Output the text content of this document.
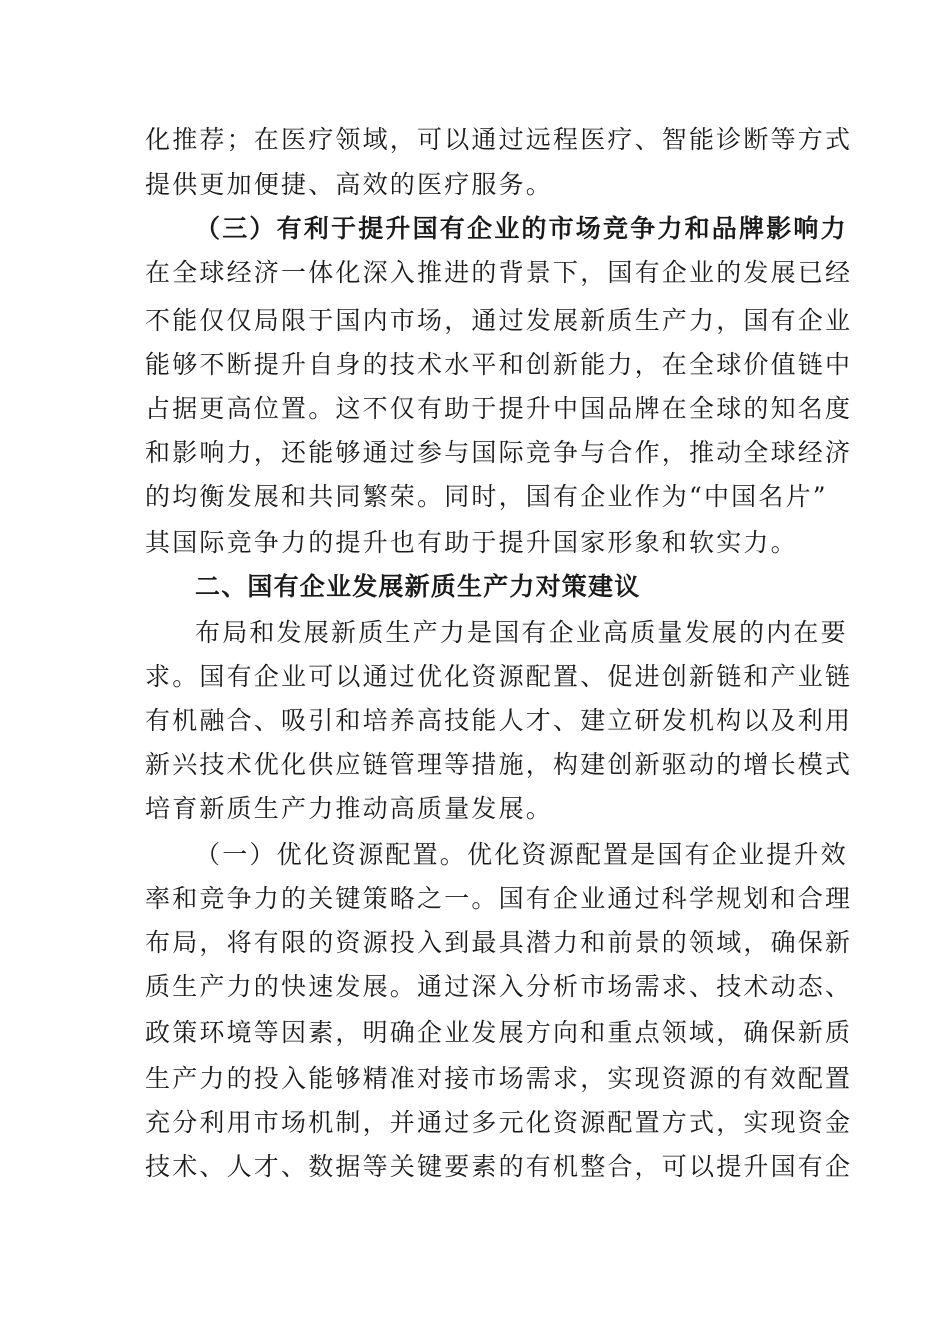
化推荐；在医疗领域，可以通过远程医疗、智能诊断等方式
提供更加便捷、高效的医疗服务。
（三）有利于提升国有企业的市场竞争力和品牌影响力
在全球经济一体化深入推进的背景下，国有企业的发展已经
不能仅仅局限于国内市场，通过发展新质生产力，国有企业
能够不断提升自身的技术水平和创新能力，在全球价值链中
占据更高位置。这不仅有助于提升中国品牌在全球的知名度
和影响力，还能够通过参与国际竞争与合作，推动全球经济
的均衡发展和共同繁荣。同时，国有企业作为“中国名片”
其国际竞争力的提升也有助于提升国家形象和软实力。
二、国有企业发展新质生产力对策建议
布局和发展新质生产力是国有企业高质量发展的内在要
求。国有企业可以通过优化资源配置、促进创新链和产业链
有机融合、吸引和培养高技能人才、建立研发机构以及利用
新兴技术优化供应链管理等措施，构建创新驱动的增长模式
培育新质生产力推动高质量发展。
（一）优化资源配置。优化资源配置是国有企业提升效
率和竞争力的关键策略之一。国有企业通过科学规划和合理
布局，将有限的资源投入到最具潜力和前景的领域，确保新
质生产力的快速发展。通过深入分析市场需求、技术动态、
政策环境等因素，明确企业发展方向和重点领域，确保新质
生产力的投入能够精准对接市场需求，实现资源的有效配置
充分利用市场机制，并通过多元化资源配置方式，实现资金
技术、人才、数据等关键要素的有机整合，可以提升国有企
